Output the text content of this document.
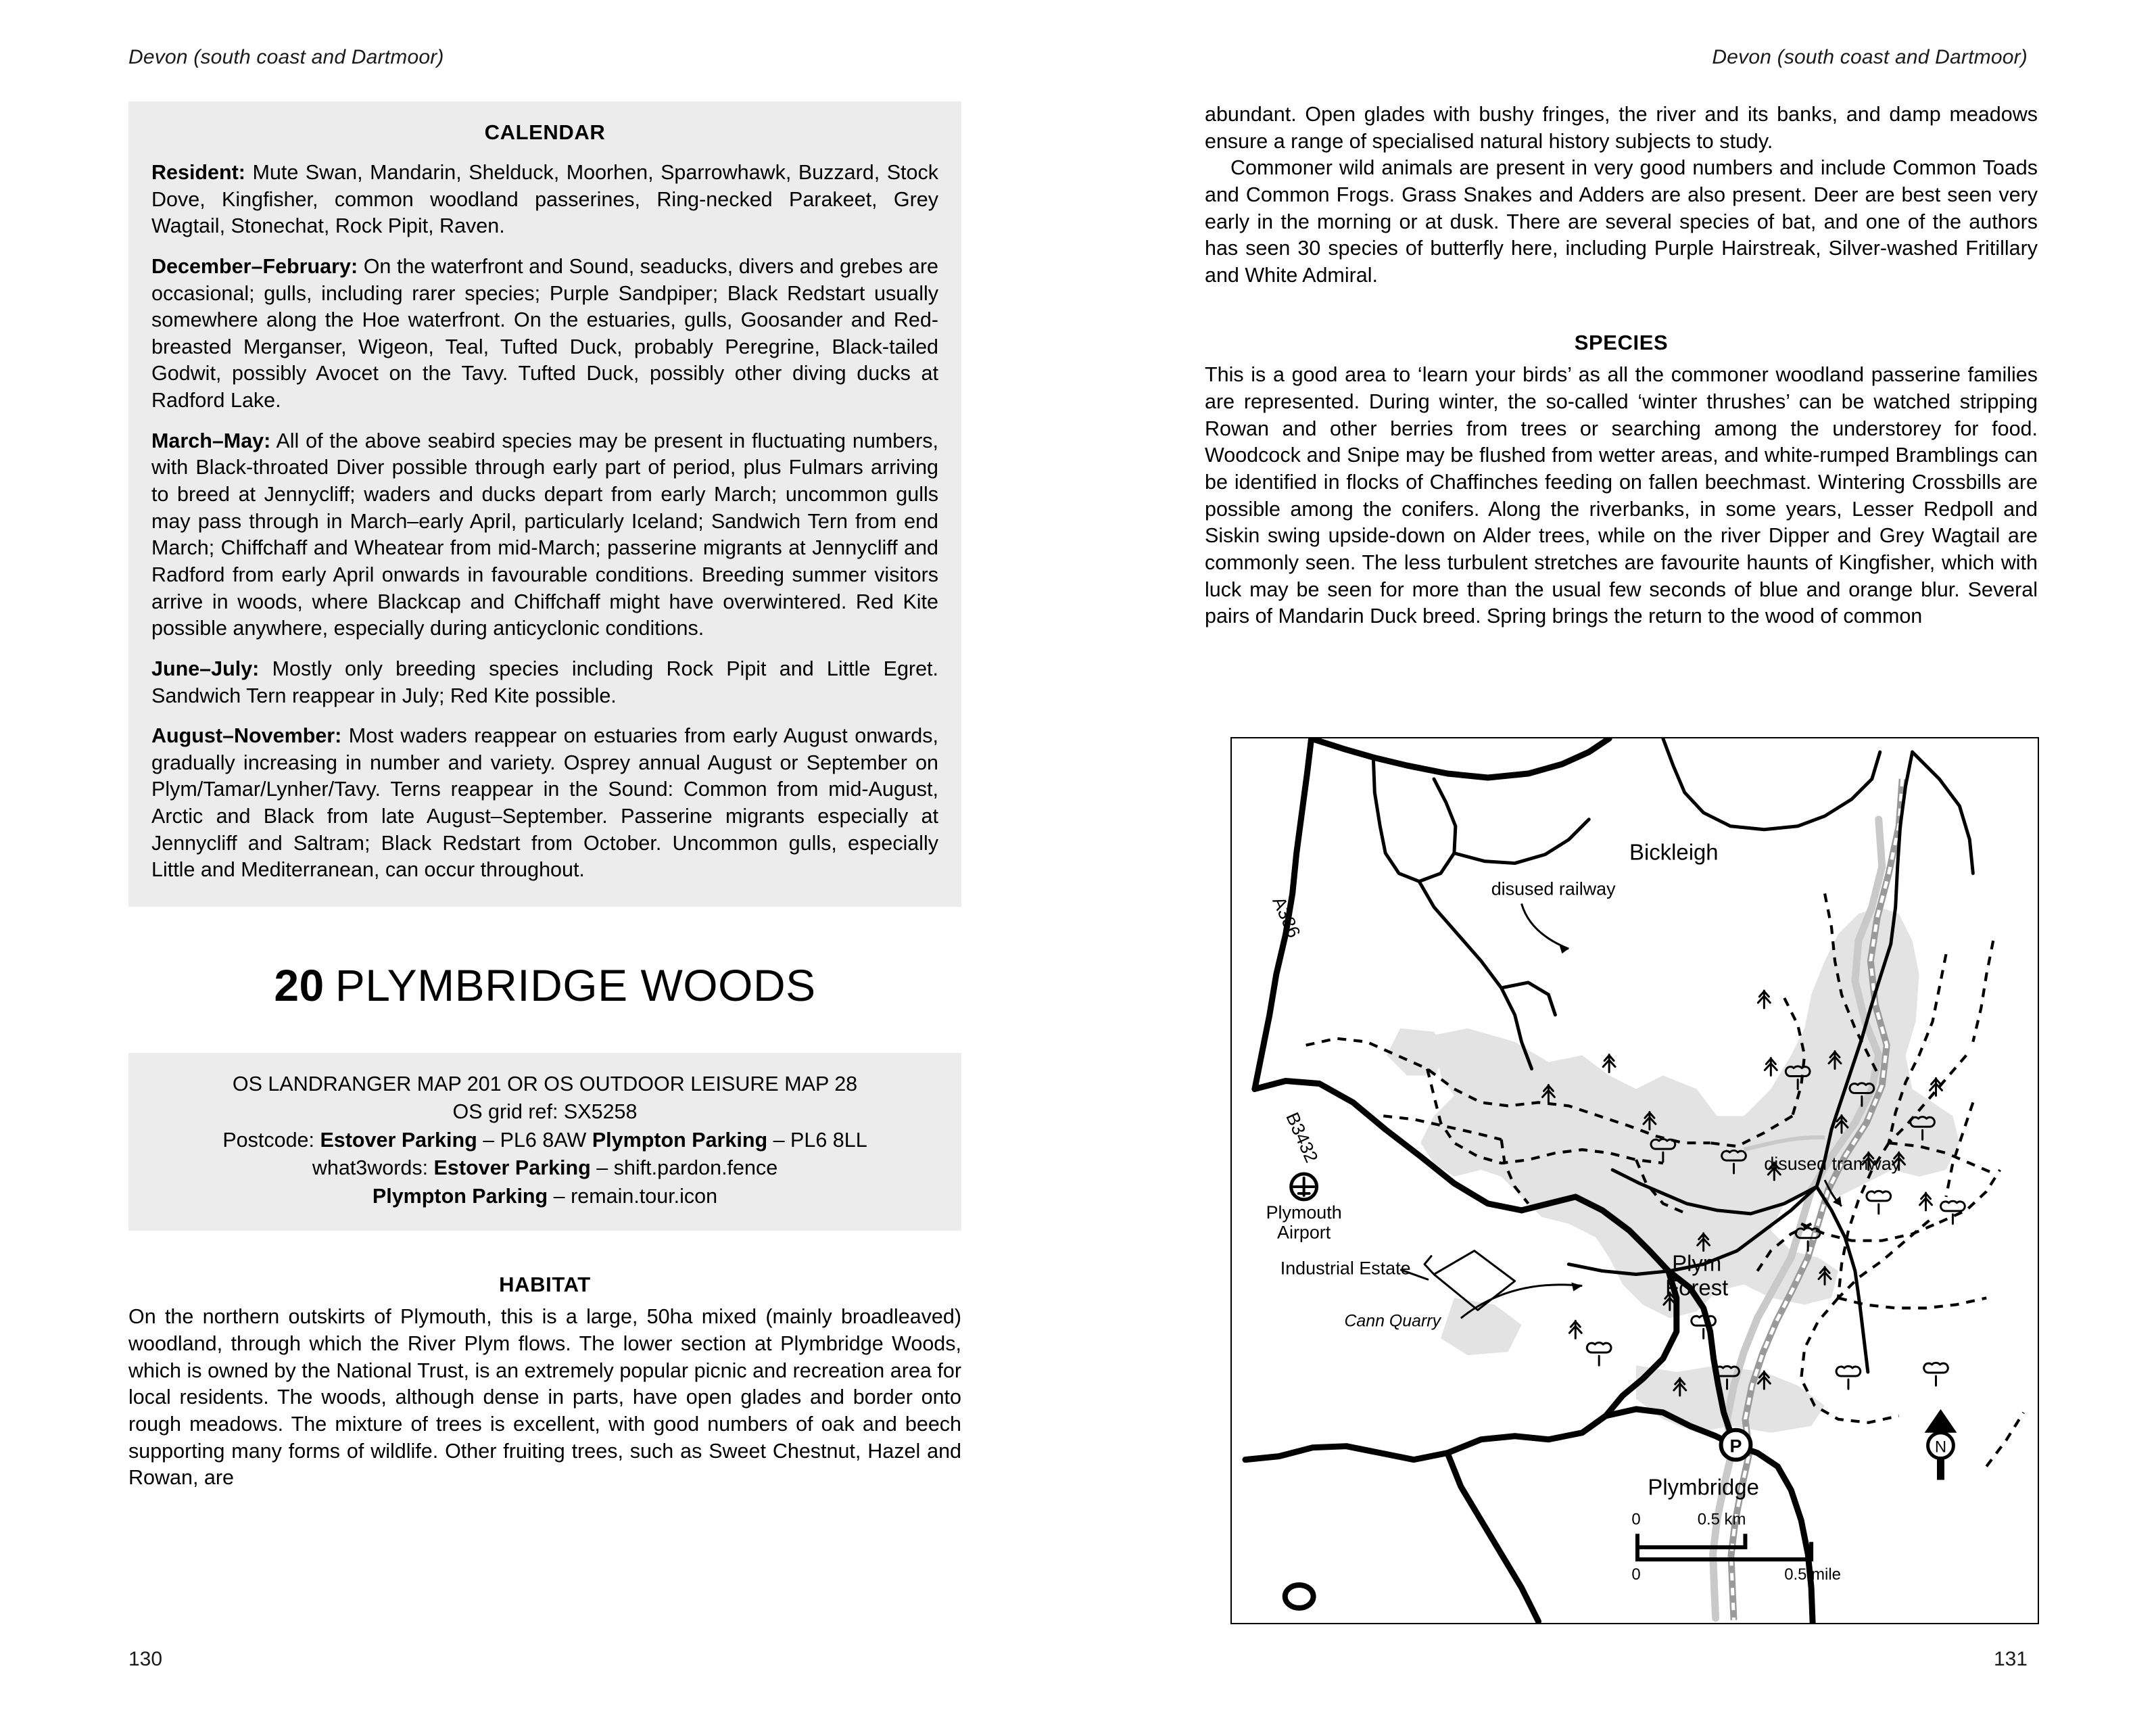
Devon (south coast and Dartmoor)	Devon (south coast and Dartmoor)
130	131
CALENDAR

Resident: Mute Swan, Mandarin, Shelduck, Moorhen, Sparrowhawk, Buzzard, Stock Dove, Kingfisher, common woodland passerines, Ring-necked Parakeet, Grey Wagtail, Stonechat, Rock Pipit, Raven.

December–February: On the waterfront and Sound, seaducks, divers and grebes are occasional; gulls, including rarer species; Purple Sandpiper; Black Redstart usually somewhere along the Hoe waterfront. On the estuaries, gulls, Goosander and Red-breasted Merganser, Wigeon, Teal, Tufted Duck, probably Peregrine, Black-tailed Godwit, possibly Avocet on the Tavy. Tufted Duck, possibly other diving ducks at Radford Lake.

March–May: All of the above seabird species may be present in fluctuating numbers, with Black-throated Diver possible through early part of period, plus Fulmars arriving to breed at Jennycliff; waders and ducks depart from early March; uncommon gulls may pass through in March–early April, particularly Iceland; Sandwich Tern from end March; Chiffchaff and Wheatear from mid-March; passerine migrants at Jennycliff and Radford from early April onwards in favourable conditions. Breeding summer visitors arrive in woods, where Blackcap and Chiffchaff might have overwintered. Red Kite possible anywhere, especially during anticyclonic conditions.

June–July: Mostly only breeding species including Rock Pipit and Little Egret. Sandwich Tern reappear in July; Red Kite possible.

August–November: Most waders reappear on estuaries from early August onwards, gradually increasing in number and variety. Osprey annual August or September on Plym/Tamar/Lynher/Tavy. Terns reappear in the Sound: Common from mid-August, Arctic and Black from late August–September. Passerine migrants especially at Jennycliff and Saltram; Black Redstart from October. Uncommon gulls, especially Little and Mediterranean, can occur throughout.

20 PLYMBRIDGE WOODS
OS LANDRANGER MAP 201 OR OS OUTDOOR LEISURE MAP 28
OS grid ref: SX5258
Postcode: Estover Parking – PL6 8AW Plympton Parking – PL6 8LL
what3words: Estover Parking – shift.pardon.fence
Plympton Parking – remain.tour.icon
HABITAT

On the northern outskirts of Plymouth, this is a large, 50ha mixed (mainly broadleaved) woodland, through which the River Plym flows. The lower section at Plymbridge Woods, which is owned by the National Trust, is an extremely popular picnic and recreation area for local residents. The woods, although dense in parts, have open glades and border onto rough meadows. The mixture of trees is excellent, with good numbers of oak and beech supporting many forms of wildlife. Other fruiting trees, such as Sweet Chestnut, Hazel and Rowan, are

abundant. Open glades with bushy fringes, the river and its banks, and damp meadows ensure a range of specialised natural history subjects to study.

Commoner wild animals are present in very good numbers and include Common Toads and Common Frogs. Grass Snakes and Adders are also present. Deer are best seen very early in the morning or at dusk. There are several species of bat, and one of the authors has seen 30 species of butterfly here, including Purple Hairstreak, Silver-washed Fritillary and White Admiral.

SPECIES

This is a good area to ‘learn your birds’ as all the commoner woodland passerine families are represented. During winter, the so-called ‘winter thrushes’ can be watched stripping Rowan and other berries from trees or searching among the understorey for food. Woodcock and Snipe may be flushed from wetter areas, and white-rumped Bramblings can be identified in flocks of Chaffinches feeding on fallen beechmast. Wintering Crossbills are possible among the conifers. Along the riverbanks, in some years, Lesser Redpoll and Siskin swing upside-down on Alder trees, while on the river Dipper and Grey Wagtail are commonly seen. The less turbulent stretches are favourite haunts of Kingfisher, which with luck may be seen for more than the usual few seconds of blue and orange blur. Several pairs of Mandarin Duck breed. Spring brings the return to the wood of common

disused railway
disused tramway
Bickleigh
A386
B3432
Plymouth
Airport
Industrial Estate
Cann Quarry
Plym
Forest
P
Plymbridge
N
0	0.5 km
0	0.5 mile
